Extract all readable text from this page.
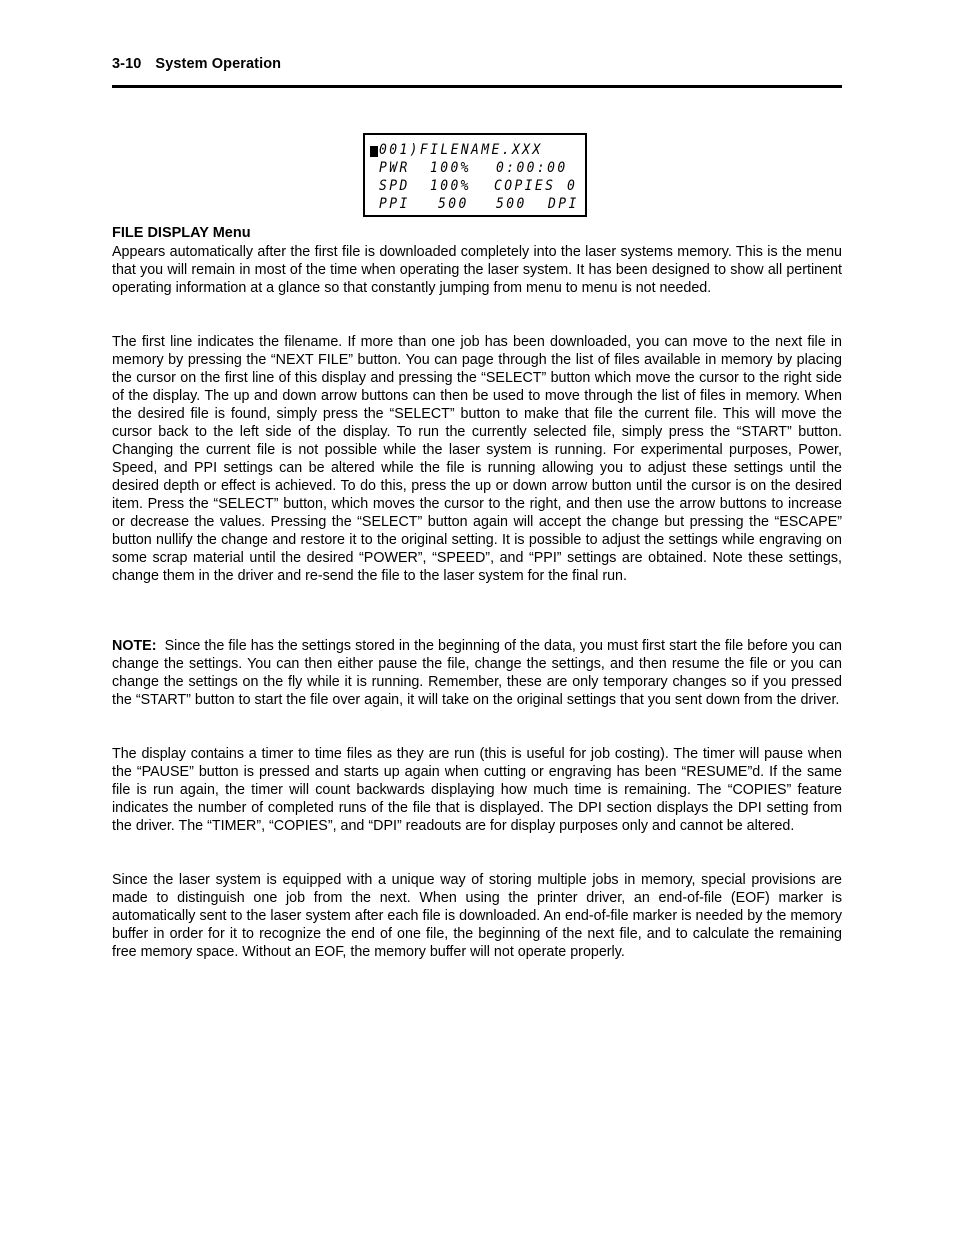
3-10 System Operation

001)FILENAME.XXX

PWR

100%

0:00:00

SPD

100%

COPIES

0

PPI

500

500

DPI

FILE DISPLAY Menu

Appears automatically after the first file is downloaded completely into the laser systems memory. This is the menu that you will remain in most of the time when operating the laser system. It has been designed to show all pertinent operating information at a glance so that constantly jumping from menu to menu is not needed.

The first line indicates the filename. If more than one job has been downloaded, you can move to the next file in memory by pressing the “NEXT FILE” button. You can page through the list of files available in memory by placing the cursor on the first line of this display and pressing the “SELECT” button which move the cursor to the right side of the display. The up and down arrow buttons can then be used to move through the list of files in memory. When the desired file is found, simply press the “SELECT” button to make that file the current file. This will move the cursor back to the left side of the display. To run the currently selected file, simply press the “START” button. Changing the current file is not possible while the laser system is running. For experimental purposes, Power, Speed, and PPI settings can be altered while the file is running allowing you to adjust these settings until the desired depth or effect is achieved. To do this, press the up or down arrow button until the cursor is on the desired item. Press the “SELECT” button, which moves the cursor to the right, and then use the arrow buttons to increase or decrease the values. Pressing the “SELECT” button again will accept the change but pressing the “ESCAPE” button nullify the change and restore it to the original setting. It is possible to adjust the settings while engraving on some scrap material until the desired “POWER”, “SPEED”, and “PPI” settings are obtained. Note these settings, change them in the driver and re-send the file to the laser system for the final run.

NOTE: Since the file has the settings stored in the beginning of the data, you must first start the file before you can change the settings. You can then either pause the file, change the settings, and then resume the file or you can change the settings on the fly while it is running. Remember, these are only temporary changes so if you pressed the “START” button to start the file over again, it will take on the original settings that you sent down from the driver.

The display contains a timer to time files as they are run (this is useful for job costing). The timer will pause when the “PAUSE” button is pressed and starts up again when cutting or engraving has been “RESUME”d. If the same file is run again, the timer will count backwards displaying how much time is remaining. The “COPIES” feature indicates the number of completed runs of the file that is displayed. The DPI section displays the DPI setting from the driver. The “TIMER”, “COPIES”, and “DPI” readouts are for display purposes only and cannot be altered.

Since the laser system is equipped with a unique way of storing multiple jobs in memory, special provisions are made to distinguish one job from the next. When using the printer driver, an end-of-file (EOF) marker is automatically sent to the laser system after each file is downloaded. An end-of-file marker is needed by the memory buffer in order for it to recognize the end of one file, the beginning of the next file, and to calculate the remaining free memory space. Without an EOF, the memory buffer will not operate properly.
